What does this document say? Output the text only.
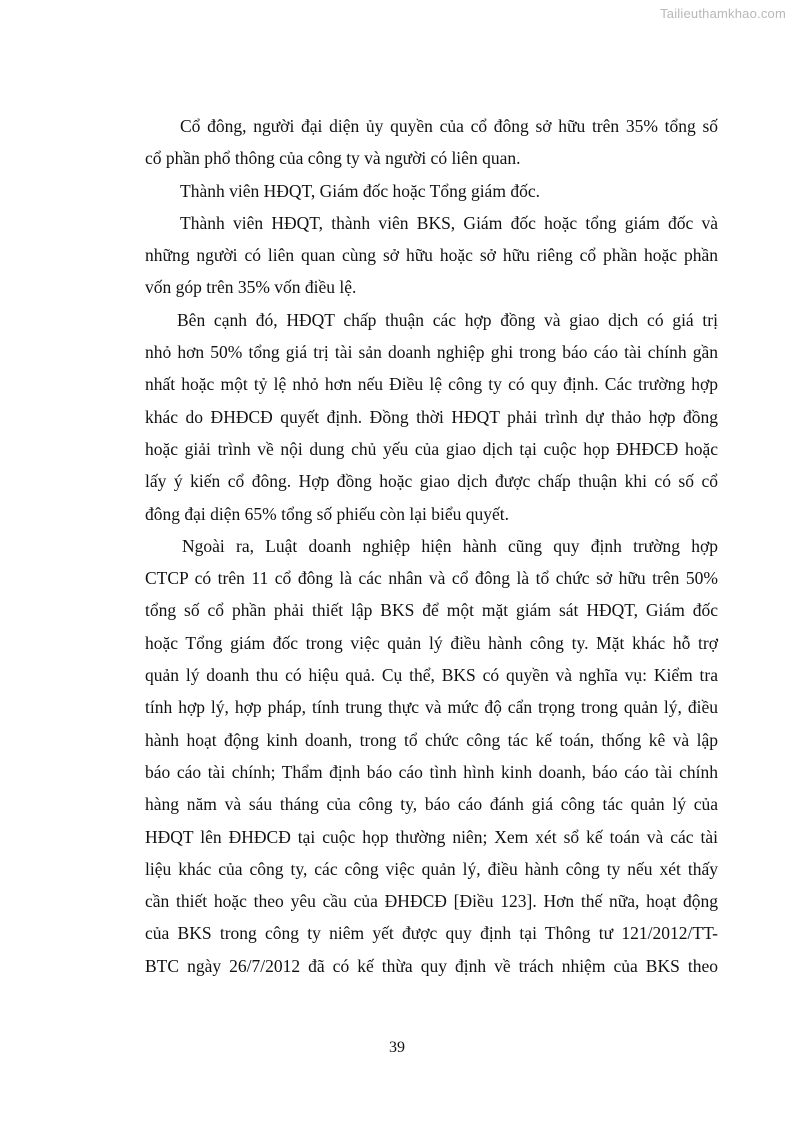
Tailieuthamkhao.com
Cổ đông, người đại diện ủy quyền của cổ đông sở hữu trên 35% tổng số
cổ phần phổ thông của công ty và người có liên quan.
Thành viên HĐQT, Giám đốc hoặc Tổng giám đốc.
Thành viên HĐQT, thành viên BKS, Giám đốc hoặc tổng giám đốc và
những người có liên quan cùng sở hữu hoặc sở hữu riêng cổ phần hoặc phần
vốn góp trên 35% vốn điều lệ.
Bên cạnh đó, HĐQT chấp thuận các hợp đồng và giao dịch có giá trị
nhỏ hơn 50% tổng giá trị tài sản doanh nghiệp ghi trong báo cáo tài chính gần
nhất hoặc một tỷ lệ nhỏ hơn nếu Điều lệ công ty có quy định. Các trường hợp
khác do ĐHĐCĐ quyết định. Đồng thời HĐQT phải trình dự thảo hợp đồng
hoặc giải trình về nội dung chủ yếu của giao dịch tại cuộc họp ĐHĐCĐ hoặc
lấy ý kiến cổ đông. Hợp đồng hoặc giao dịch được chấp thuận khi có số cổ
đông đại diện 65% tổng số phiếu còn lại biểu quyết.
Ngoài ra, Luật doanh nghiệp hiện hành cũng quy định trường hợp
CTCP có trên 11 cổ đông là các nhân và cổ đông là tổ chức sở hữu trên 50%
tổng số cổ phần phải thiết lập BKS để một mặt giám sát HĐQT, Giám đốc
hoặc Tổng giám đốc trong việc quản lý điều hành công ty. Mặt khác hỗ trợ
quản lý doanh thu có hiệu quả. Cụ thể, BKS có quyền và nghĩa vụ: Kiểm tra
tính hợp lý, hợp pháp, tính trung thực và mức độ cẩn trọng trong quản lý, điều
hành hoạt động kinh doanh, trong tổ chức công tác kế toán, thống kê và lập
báo cáo tài chính; Thẩm định báo cáo tình hình kinh doanh, báo cáo tài chính
hàng năm và sáu tháng của công ty, báo cáo đánh giá công tác quản lý của
HĐQT lên ĐHĐCĐ tại cuộc họp thường niên; Xem xét sổ kế toán và các tài
liệu khác của công ty, các công việc quản lý, điều hành công ty nếu xét thấy
cần thiết hoặc theo yêu cầu của ĐHĐCĐ [Điều 123]. Hơn thế nữa, hoạt động
của BKS trong công ty niêm yết được quy định tại Thông tư 121/2012/TT-
BTC ngày 26/7/2012 đã có kế thừa quy định về trách nhiệm của BKS theo
39
